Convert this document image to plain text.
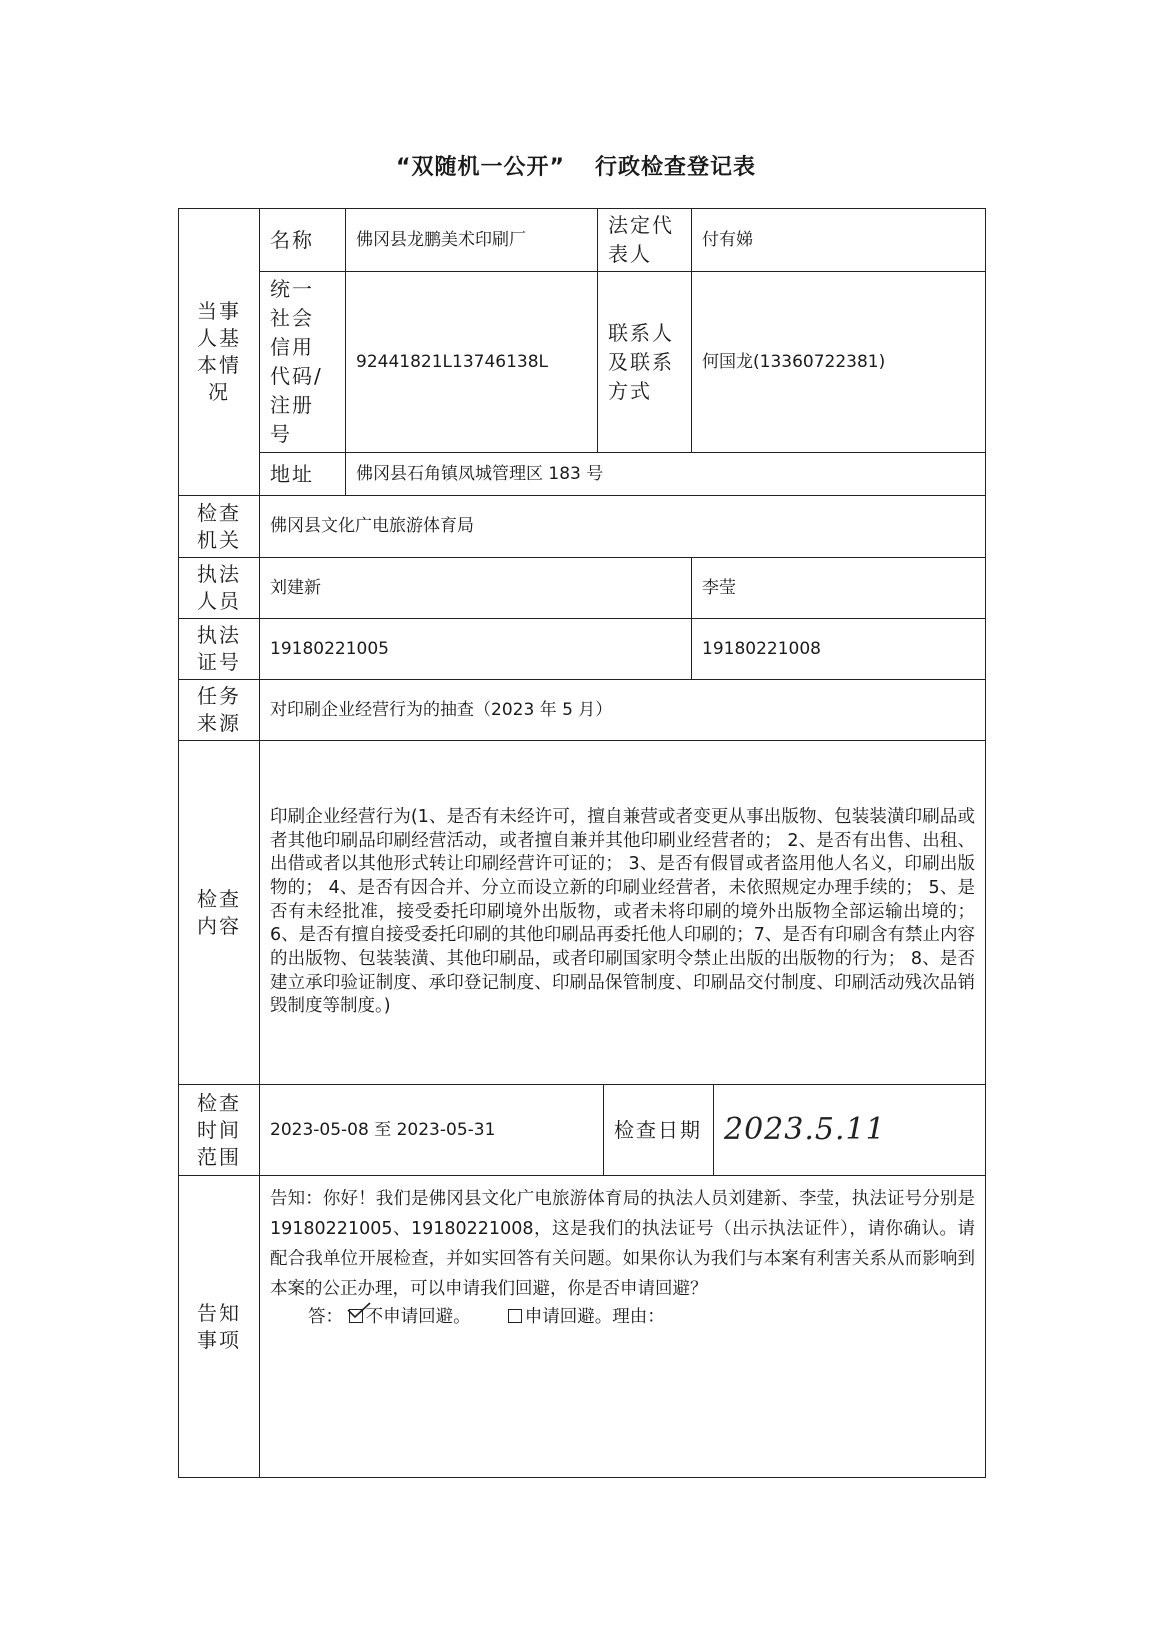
“双随机一公开” 行政检查登记表
当事人基本情况	名称	佛冈县龙鹏美术印刷厂	法定代表人		付有娣	
	统一社会信用代码/注册号	92441821L13746138L	联系人及联系方式		何国龙(13360722381)	
	地址	佛冈县石角镇凤城管理区 183 号				
检查机关	佛冈县文化广电旅游体育局					
执法人员	刘建新				李莹	
执法证号	19180221005				19180221008	
任务来源	对印刷企业经营行为的抽查（2023 年 5 月）					
检查内容	印刷企业经营行为(1、是否有未经许可，擅自兼营或者变更从事出版物、包装装潢印刷品或者其他印刷品印刷经营活动，或者擅自兼并其他印刷业经营者的； 2、是否有出售、出租、出借或者以其他形式转让印刷经营许可证的； 3、是否有假冒或者盗用他人名义，印刷出版物的； 4、是否有因合并、分立而设立新的印刷业经营者，未依照规定办理手续的； 5、是否有未经批准，接受委托印刷境外出版物，或者未将印刷的境外出版物全部运输出境的； 6、是否有擅自接受委托印刷的其他印刷品再委托他人印刷的；7、是否有印刷含有禁止内容的出版物、包装装潢、其他印刷品，或者印刷国家明令禁止出版的出版物的行为； 8、是否建立承印验证制度、承印登记制度、印刷品保管制度、印刷品交付制度、印刷活动残次品销毁制度等制度。)					
检查时间范围	2023-05-08 至 2023-05-31			检查日期		2023.5.11
告知事项	告知：你好！我们是佛冈县文化广电旅游体育局的执法人员刘建新、李莹，执法证号分别是 19180221005、19180221008，这是我们的执法证号（出示执法证件），请你确认。请配合我单位开展检查，并如实回答有关问题。如果你认为我们与本案有利害关系从而影响到本案的公正办理，可以申请我们回避，你是否申请回避？
答： 不申请回避。 申请回避。理由：					
